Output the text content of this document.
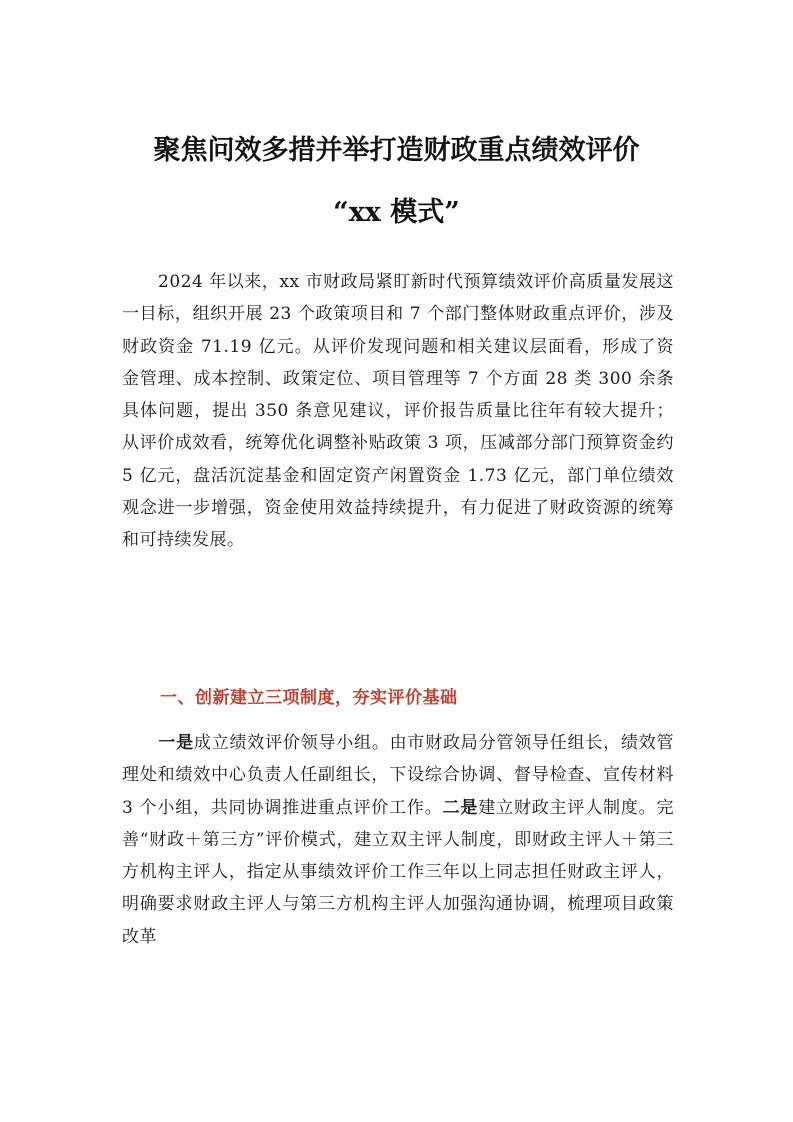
聚焦问效多措并举打造财政重点绩效评价
“xx 模式”

2024 年以来，xx 市财政局紧盯新时代预算绩效评价高质量发展这一目标，组织开展 23 个政策项目和 7 个部门整体财政重点评价，涉及财政资金 71.19 亿元。从评价发现问题和相关建议层面看，形成了资金管理、成本控制、政策定位、项目管理等 7 个方面 28 类 300 余条具体问题，提出 350 条意见建议，评价报告质量比往年有较大提升；从评价成效看，统筹优化调整补贴政策 3 项，压减部分部门预算资金约 5 亿元，盘活沉淀基金和固定资产闲置资金 1.73 亿元，部门单位绩效观念进一步增强，资金使用效益持续提升，有力促进了财政资源的统筹和可持续发展。

一、创新建立三项制度，夯实评价基础

一是成立绩效评价领导小组。由市财政局分管领导任组长，绩效管理处和绩效中心负责人任副组长，下设综合协调、督导检查、宣传材料 3 个小组，共同协调推进重点评价工作。二是建立财政主评人制度。完善“财政＋第三方”评价模式，建立双主评人制度，即财政主评人＋第三方机构主评人，指定从事绩效评价工作三年以上同志担任财政主评人，明确要求财政主评人与第三方机构主评人加强沟通协调，梳理项目政策改革
